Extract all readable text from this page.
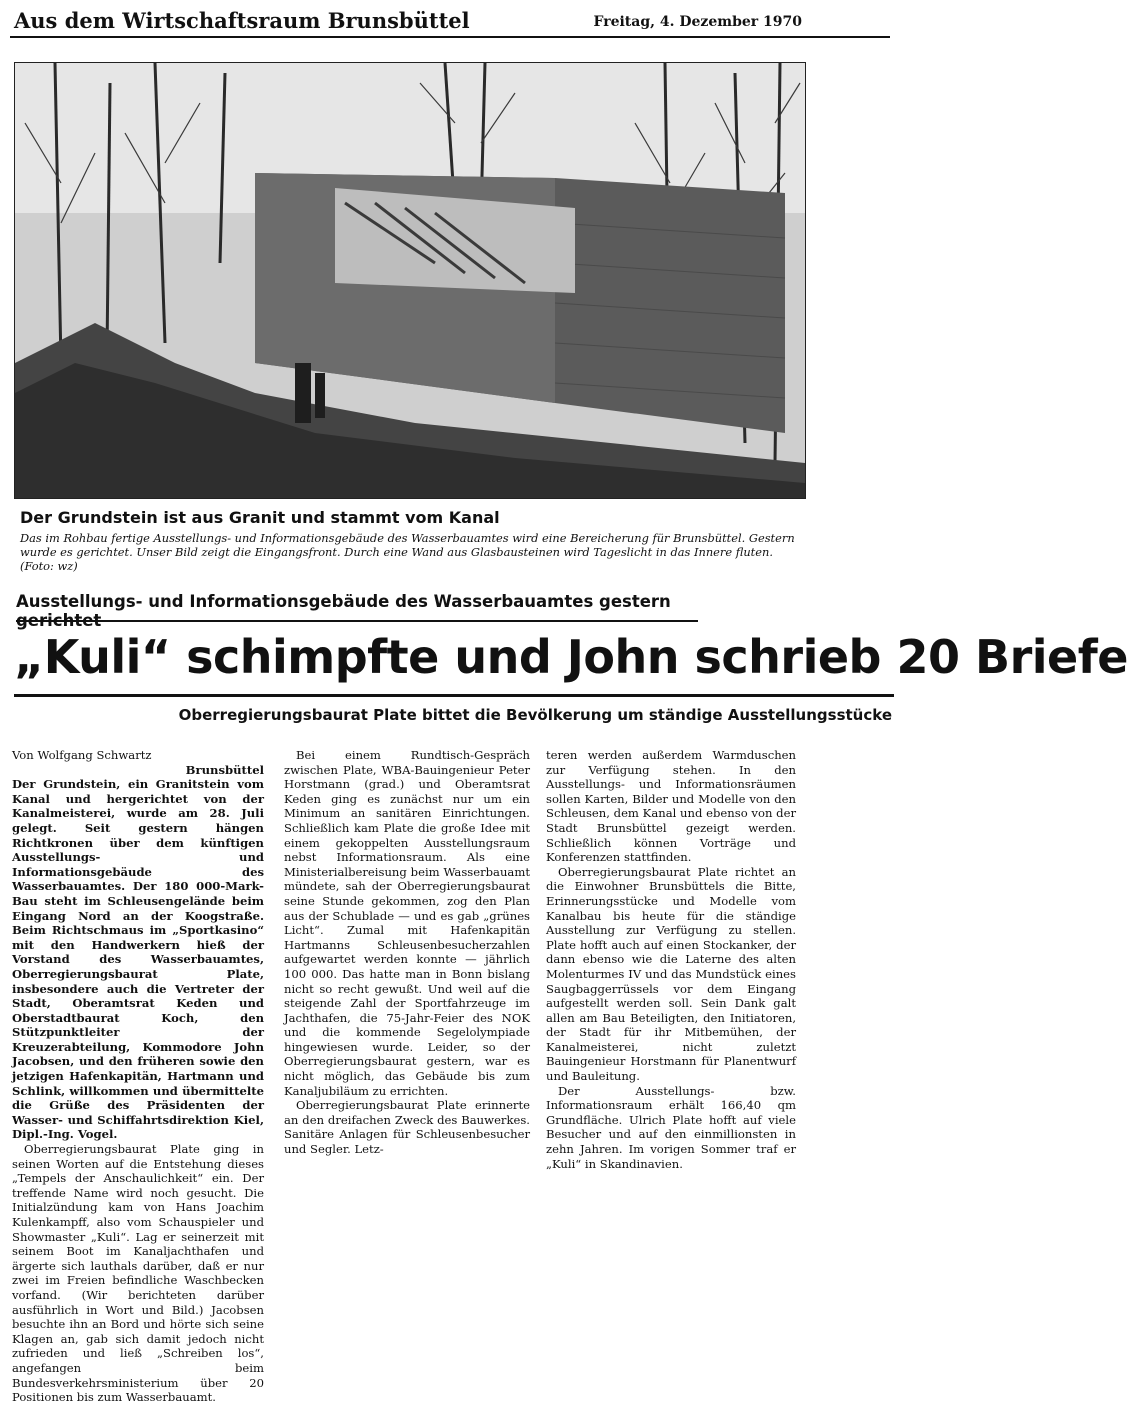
Aus dem Wirtschaftsraum Brunsbüttel	Freitag, 4. Dezember 1970
Der Grundstein ist aus Granit und stammt vom Kanal
Das im Rohbau fertige Ausstellungs- und Informationsgebäude des Wasserbauamtes wird eine Bereicherung für Brunsbüttel. Gestern wurde es gerichtet. Unser Bild zeigt die Eingangsfront. Durch eine Wand aus Glasbausteinen wird Tageslicht in das Innere fluten. (Foto: wz)
Ausstellungs- und Informationsgebäude des Wasserbauamtes gestern gerichtet
„Kuli“ schimpfte und John schrieb 20 Briefe
Oberregierungsbaurat Plate bittet die Bevölkerung um ständige Ausstellungsstücke

Von Wolfgang Schwartz

Brunsbüttel

Der Grundstein, ein Granitstein vom Kanal und hergerichtet von der Kanalmeisterei, wurde am 28. Juli gelegt. Seit gestern hängen Richtkronen über dem künftigen Ausstellungs- und Informationsgebäude des Wasserbauamtes. Der 180 000-Mark-Bau steht im Schleusengelände beim Eingang Nord an der Koogstraße. Beim Richtschmaus im „Sportkasino“ mit den Handwerkern hieß der Vorstand des Wasserbauamtes, Oberregierungsbaurat Plate, insbesondere auch die Vertreter der Stadt, Oberamtsrat Keden und Oberstadtbaurat Koch, den Stützpunktleiter der Kreuzerabteilung, Kommodore John Jacobsen, und den früheren sowie den jetzigen Hafenkapitän, Hartmann und Schlink, willkommen und übermittelte die Grüße des Präsidenten der Wasser- und Schiffahrtsdirektion Kiel, Dipl.-Ing. Vogel.

Oberregierungsbaurat Plate ging in seinen Worten auf die Entstehung dieses „Tempels der Anschaulichkeit“ ein. Der treffende Name wird noch gesucht. Die Initialzündung kam von Hans Joachim Kulenkampff, also vom Schauspieler und Showmaster „Kuli“. Lag er seinerzeit mit seinem Boot im Kanaljachthafen und ärgerte sich lauthals darüber, daß er nur zwei im Freien befindliche Waschbecken vorfand. (Wir berichteten darüber ausführlich in Wort und Bild.) Jacobsen besuchte ihn an Bord und hörte sich seine Klagen an, gab sich damit jedoch nicht zufrieden und ließ „Schreiben los“, angefangen beim Bundesverkehrsministerium über 20 Positionen bis zum Wasserbauamt.

Bei einem Rundtisch-Gespräch zwischen Plate, WBA-Bauingenieur Peter Horstmann (grad.) und Oberamtsrat Keden ging es zunächst nur um ein Minimum an sanitären Einrichtungen. Schließlich kam Plate die große Idee mit einem gekoppelten Ausstellungsraum nebst Informationsraum. Als eine Ministerialbereisung beim Wasserbauamt mündete, sah der Oberregierungsbaurat seine Stunde gekommen, zog den Plan aus der Schublade — und es gab „grünes Licht“. Zumal mit Hafenkapitän Hartmanns Schleusenbesucherzahlen aufgewartet werden konnte — jährlich 100 000. Das hatte man in Bonn bislang nicht so recht gewußt. Und weil auf die steigende Zahl der Sportfahrzeuge im Jachthafen, die 75-Jahr-Feier des NOK und die kommende Segelolympiade hingewiesen wurde. Leider, so der Oberregierungsbaurat gestern, war es nicht möglich, das Gebäude bis zum Kanaljubiläum zu errichten.

Oberregierungsbaurat Plate erinnerte an den dreifachen Zweck des Bauwerkes. Sanitäre Anlagen für Schleusenbesucher und Segler. Letz-

teren werden außerdem Warmduschen zur Verfügung stehen. In den Ausstellungs- und Informationsräumen sollen Karten, Bilder und Modelle von den Schleusen, dem Kanal und ebenso von der Stadt Brunsbüttel gezeigt werden. Schließlich können Vorträge und Konferenzen stattfinden.

Oberregierungsbaurat Plate richtet an die Einwohner Brunsbüttels die Bitte, Erinnerungsstücke und Modelle vom Kanalbau bis heute für die ständige Ausstellung zur Verfügung zu stellen. Plate hofft auch auf einen Stockanker, der dann ebenso wie die Laterne des alten Molenturmes IV und das Mundstück eines Saugbaggerrüssels vor dem Eingang aufgestellt werden soll. Sein Dank galt allen am Bau Beteiligten, den Initiatoren, der Stadt für ihr Mitbemühen, der Kanalmeisterei, nicht zuletzt Bauingenieur Horstmann für Planentwurf und Bauleitung.

Der Ausstellungs- bzw. Informationsraum erhält 166,40 qm Grundfläche. Ulrich Plate hofft auf viele Besucher und auf den einmillionsten in zehn Jahren. Im vorigen Sommer traf er „Kuli“ in Skandinavien.
